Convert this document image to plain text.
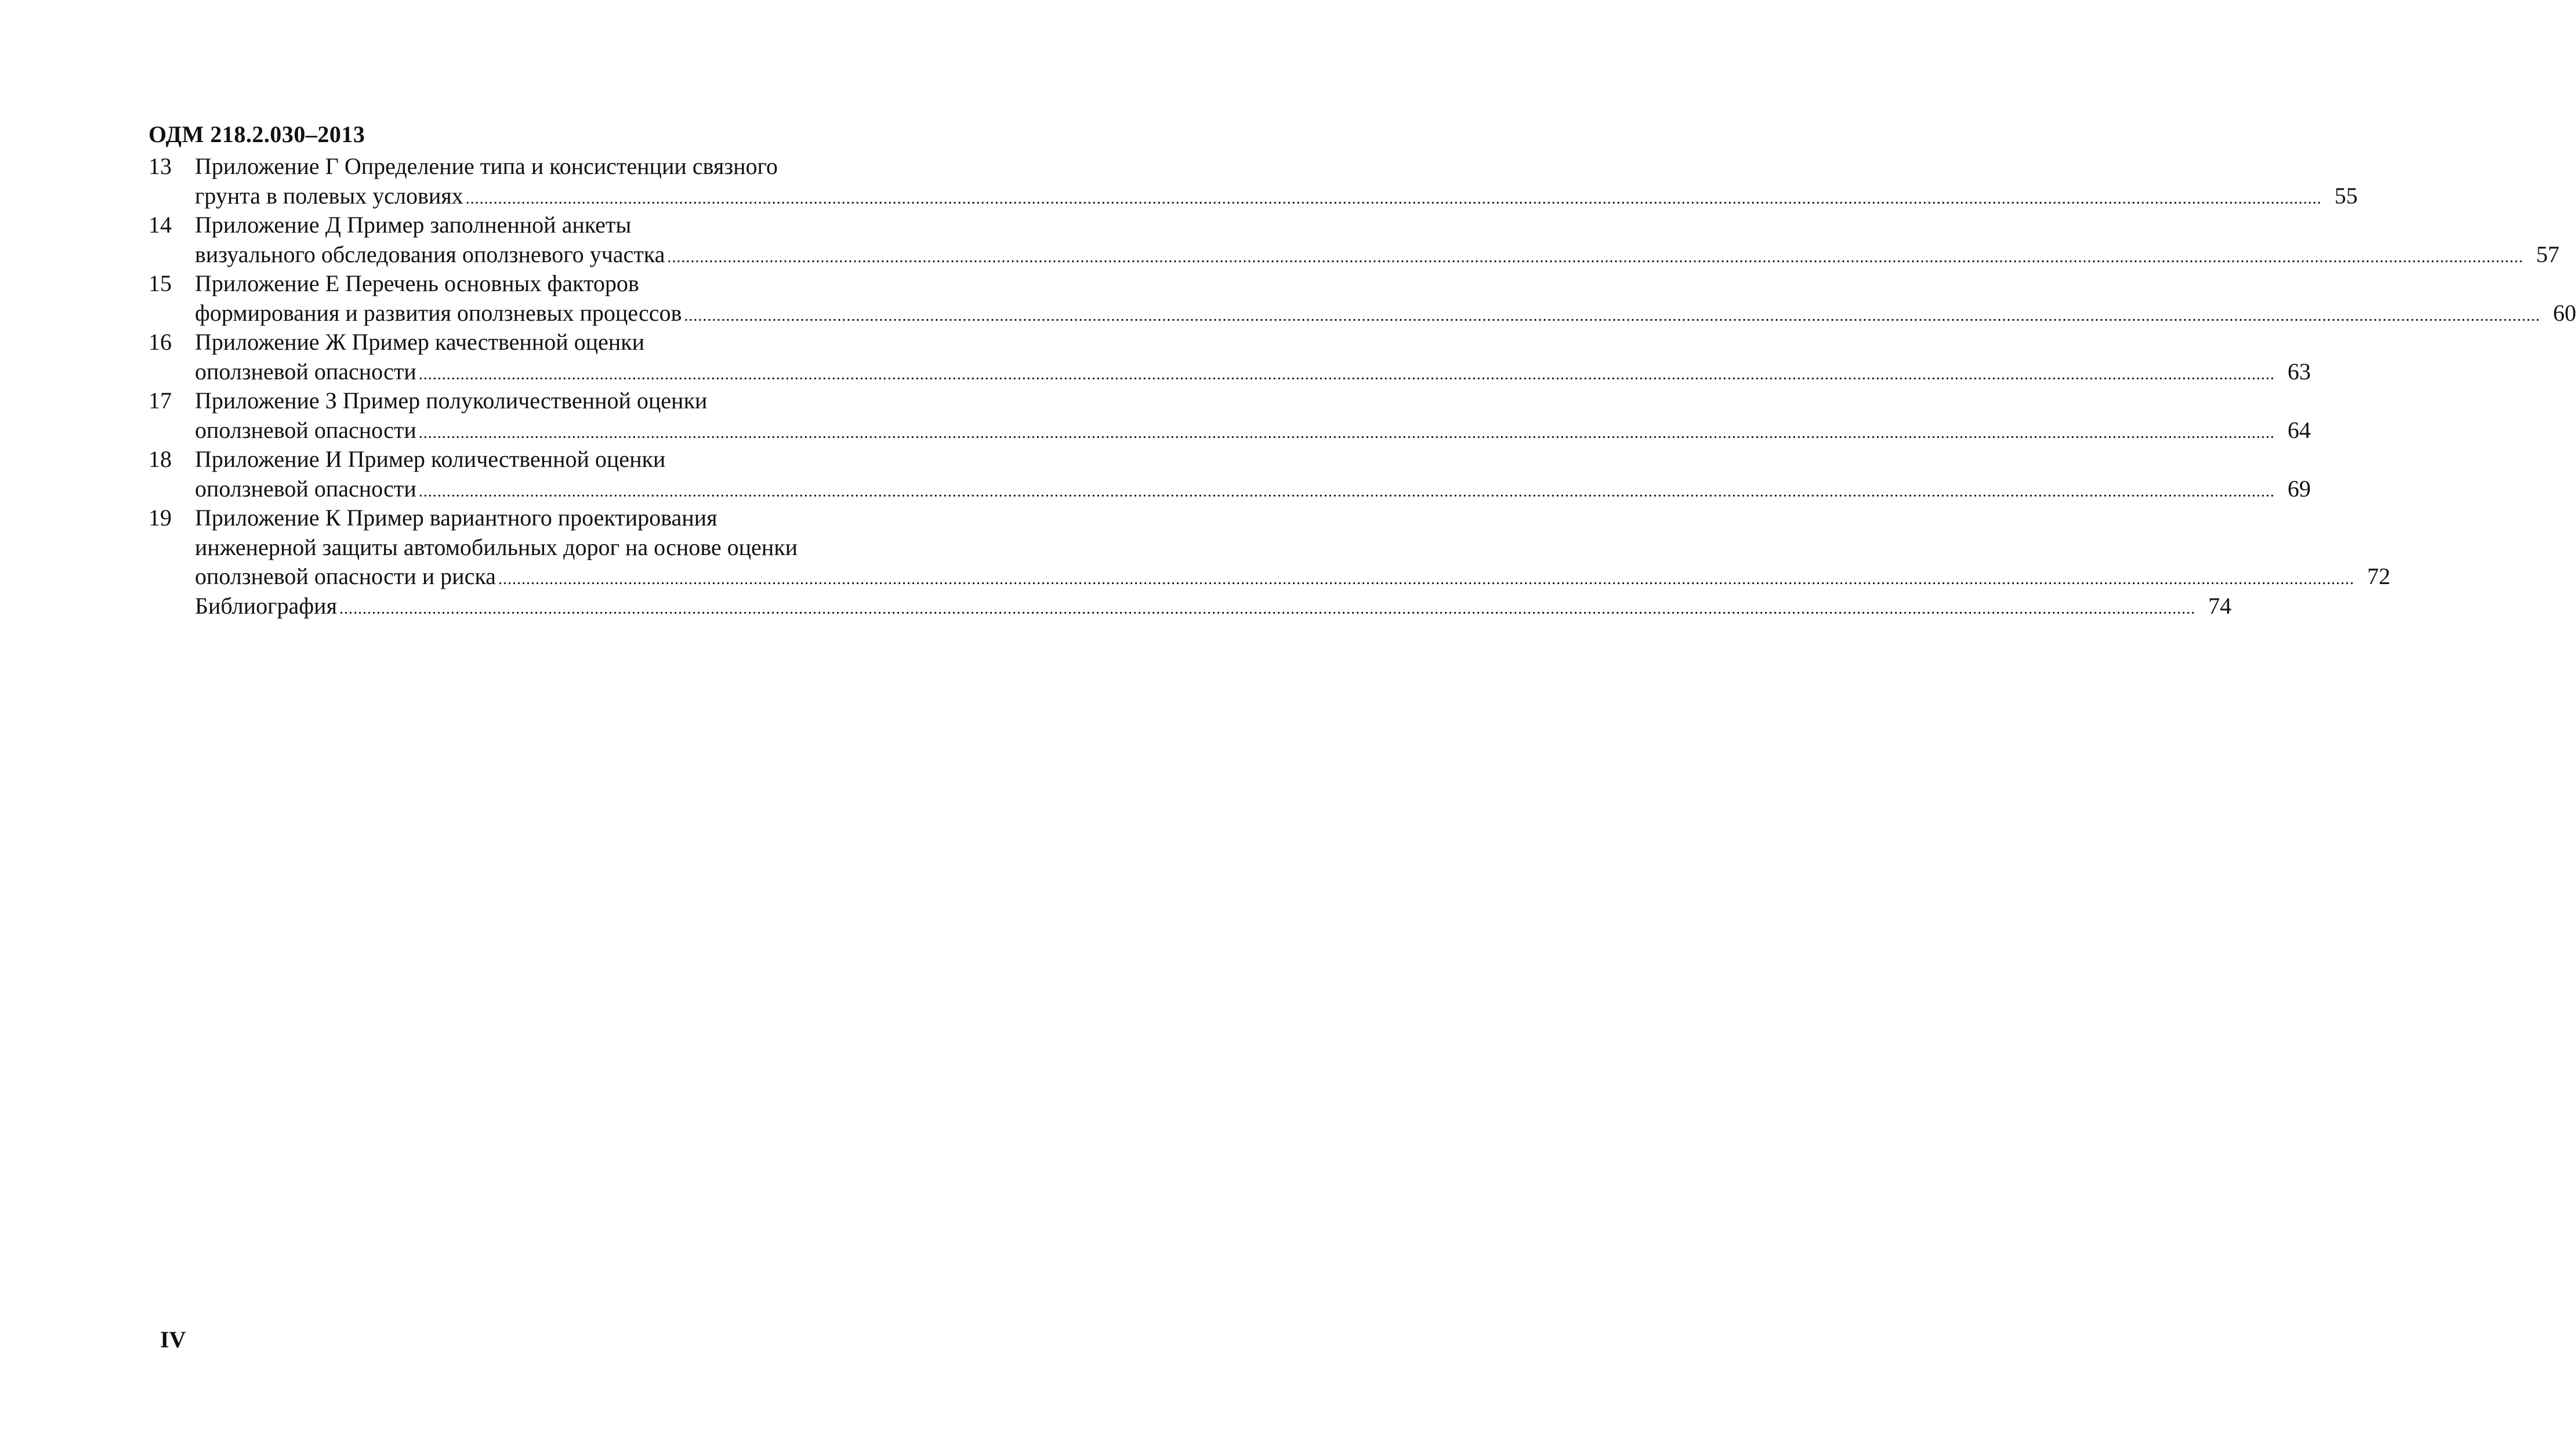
ОДМ 218.2.030–2013
13	Приложение Г Определение типа и консистенции связного
грунта в полевых условиях ................................................................................................................................................................................................................................................................................................................................................................................................................ 55
14	Приложение Д Пример заполненной анкеты
визуального обследования оползневого участка ................................................................................................................................................................................................................................................................................................................................................................................................................ 57
15	Приложение Е Перечень основных факторов
формирования и развития оползневых процессов ................................................................................................................................................................................................................................................................................................................................................................................................................ 60
16	Приложение Ж Пример качественной оценки
оползневой опасности ................................................................................................................................................................................................................................................................................................................................................................................................................ 63
17	Приложение З Пример полуколичественной оценки
оползневой опасности ................................................................................................................................................................................................................................................................................................................................................................................................................ 64
18	Приложение И Пример количественной оценки
оползневой опасности ................................................................................................................................................................................................................................................................................................................................................................................................................ 69
19	Приложение К Пример вариантного проектирования
инженерной защиты автомобильных дорог на основе оценки
оползневой опасности и риска ................................................................................................................................................................................................................................................................................................................................................................................................................ 72
Библиография ................................................................................................................................................................................................................................................................................................................................................................................................................ 74
IV
